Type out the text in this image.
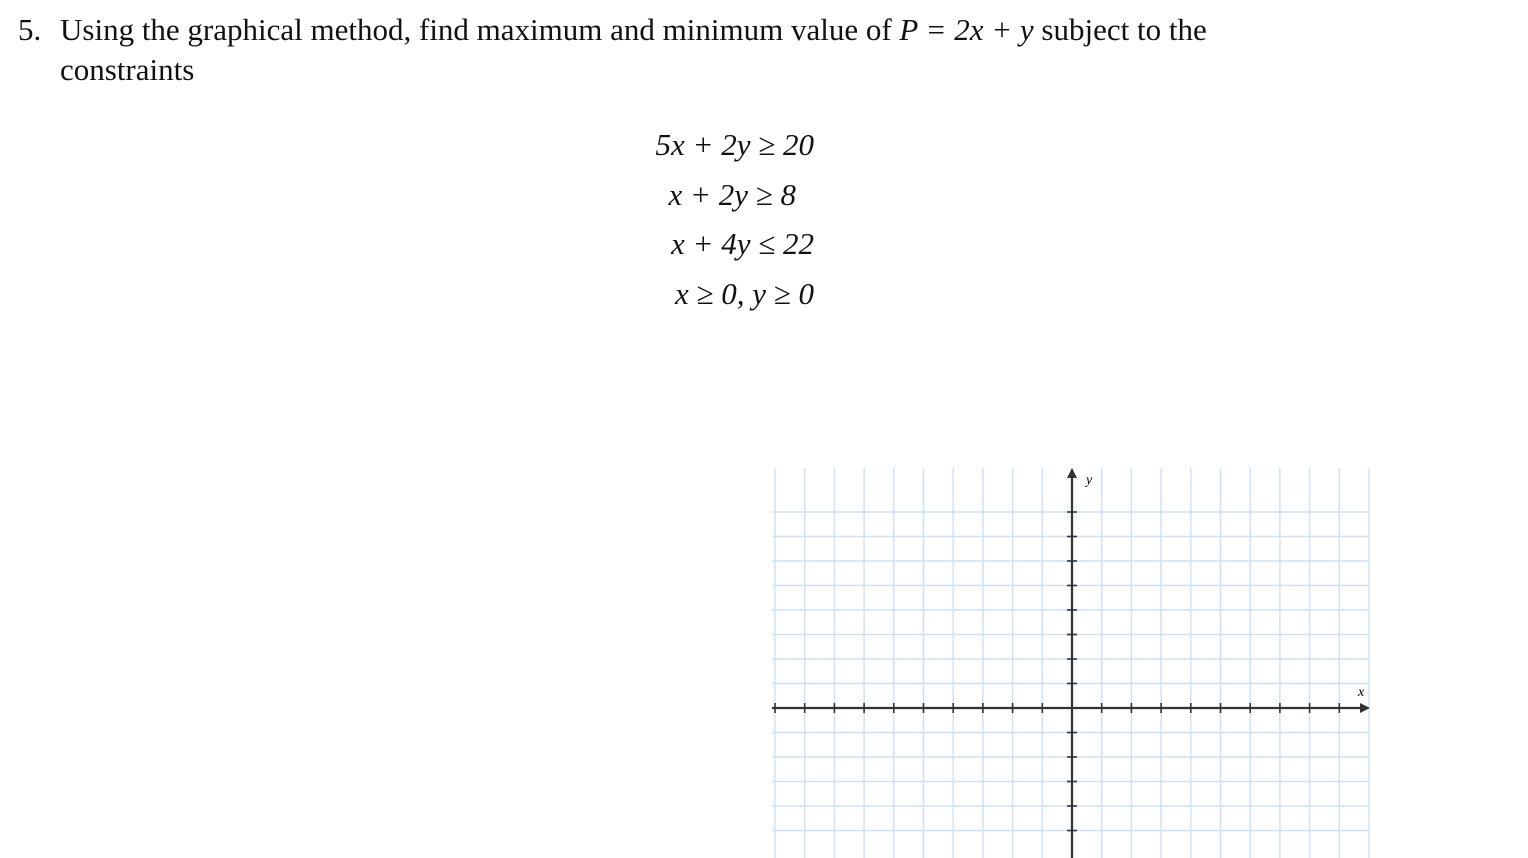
5. Using the graphical method, find maximum and minimum value of P = 2x + y subject to the
constraints
5x + 2y ≥ 20
x + 2y ≥ 8
x + 4y ≤ 22
x ≥ 0, y ≥ 0
x
y
